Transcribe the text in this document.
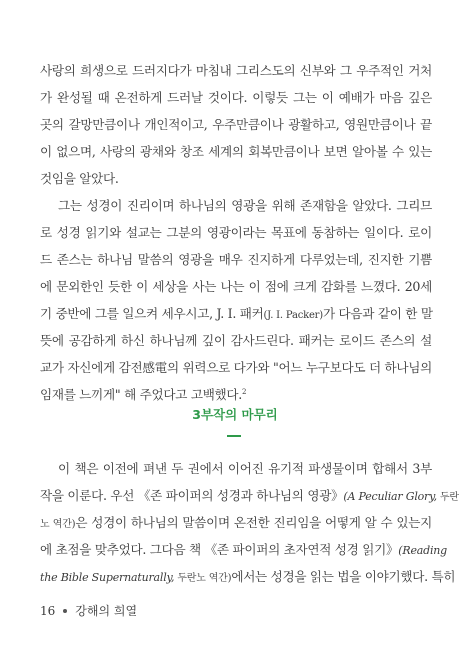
사랑의 희생으로 드러지다가 마침내 그리스도의 신부와 그 우주적인 거처
가 완성될 때 온전하게 드러날 것이다. 이렇듯 그는 이 예배가 마음 깊은
곳의 갈망만큼이나 개인적이고, 우주만큼이나 광활하고, 영원만큼이나 끝
이 없으며, 사랑의 광채와 창조 세계의 회복만큼이나 보면 알아볼 수 있는
것임을 알았다.
그는 성경이 진리이며 하나님의 영광을 위해 존재함을 알았다. 그리므
로 성경 읽기와 설교는 그분의 영광이라는 목표에 동참하는 일이다. 로이
드 존스는 하나님 말씀의 영광을 매우 진지하게 다루었는데, 진지한 기쁨
에 문외한인 듯한 이 세상을 사는 나는 이 점에 크게 감화를 느꼈다. 20세
기 중반에 그를 일으켜 세우시고, J. I. 패커(J. I. Packer)가 다음과 같이 한 말
뜻에 공감하게 하신 하나님께 깊이 감사드린다. 패커는 로이드 존스의 설
교가 자신에게 감전感電의 위력으로 다가와 "어느 누구보다도 더 하나님의
임재를 느끼게" 해 주었다고 고백했다.$^2$
3부작의 마무리
이 책은 이전에 펴낸 두 권에서 이어진 유기적 파생물이며 합해서 3부
작을 이룬다. 우선 《존 파이퍼의 성경과 하나님의 영광》(A Peculiar Glory, 두란
노 역간)은 성경이 하나님의 말씀이며 온전한 진리임을 어떻게 알 수 있는지
에 초점을 맞추었다. 그다음 책 《존 파이퍼의 초자연적 성경 읽기》(Reading
the Bible Supernaturally, 두란노 역간)에서는 성경을 읽는 법을 이야기했다. 특히
16 강해의 희열
